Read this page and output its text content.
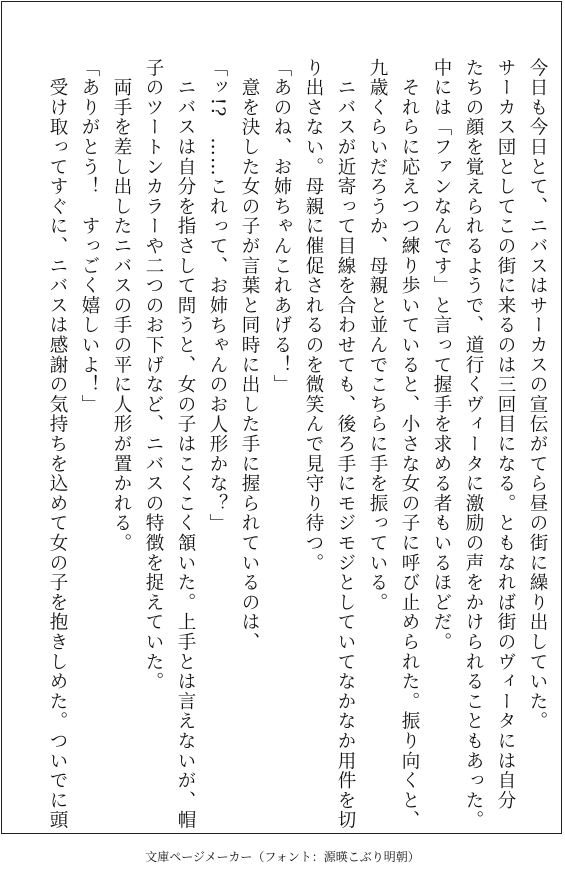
今日も今日とて、ニバスはサーカスの宣伝がてら昼の街に繰り出していた。
サーカス団としてこの街に来るのは三回目になる。ともなれば街のヴィータには自分
たちの顔を覚えられるようで、道行くヴィータに激励の声をかけられることもあった。
中には「ファンなんです」と言って握手を求める者もいるほどだ。
　それらに応えつつ練り歩いていると、小さな女の子に呼び止められた。振り向くと、
九歳くらいだろうか、母親と並んでこちらに手を振っている。
　ニバスが近寄って目線を合わせても、後ろ手にモジモジとしていてなかなか用件を切
り出さない。母親に催促されるのを微笑んで見守り待つ。
「あのね、お姉ちゃんこれあげる！」
　意を決した女の子が言葉と同時に出した手に握られているのは、
「ッ!?　……これって、お姉ちゃんのお人形かな？」
　ニバスは自分を指さして問うと、女の子はこくこく頷いた。上手とは言えないが、帽
子のツートンカラーや二つのお下げなど、ニバスの特徴を捉えていた。
　両手を差し出したニバスの手の平に人形が置かれる。
「ありがとう！　すっごく嬉しいよ！」
　受け取ってすぐに、ニバスは感謝の気持ちを込めて女の子を抱きしめた。ついでに頭
文庫ページメーカー（フォント：源暎こぶり明朝）
